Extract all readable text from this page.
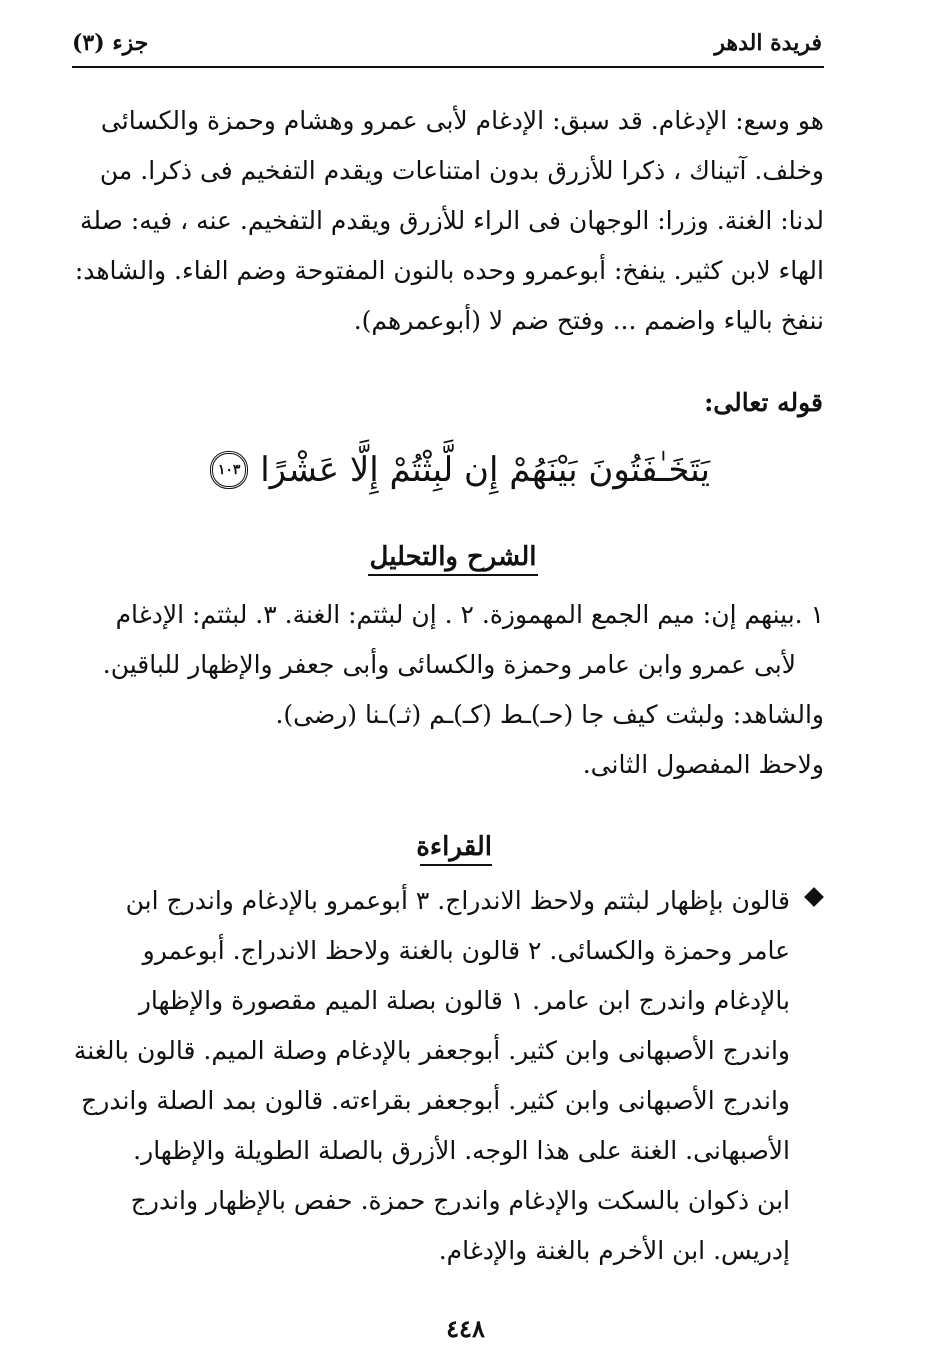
فريدة الدهر
جزء (٣)
هو وسع: الإدغام. قد سبق: الإدغام لأبى عمرو وهشام وحمزة والكسائى
وخلف. آتيناك ، ذكرا للأزرق بدون امتناعات ويقدم التفخيم فى ذكرا. من
لدنا: الغنة. وزرا: الوجهان فى الراء للأزرق ويقدم التفخيم. عنه ، فيه: صلة
الهاء لابن كثير. ينفخ: أبوعمرو وحده بالنون المفتوحة وضم الفاء. والشاهد:
ننفخ بالياء واضمم ... وفتح ضم لا (أبوعمرهم).
قوله تعالى:
يَتَخَـٰفَتُونَ بَيْنَهُمْ إِن لَّبِثْتُمْ إِلَّا عَشْرًا
١٠٣
الشرح والتحليل
١ .بينهم إن: ميم الجمع المهموزة. ٢ . إن لبثتم: الغنة. ٣. لبثتم: الإدغام
لأبى عمرو وابن عامر وحمزة والكسائى وأبى جعفر والإظهار للباقين.
والشاهد: ولبثت كيف جا (حـ)ـط (كـ)ـم (ثـ)ـنا (رضى).
ولاحظ المفصول الثانى.
القراءة
قالون بإظهار لبثتم ولاحظ الاندراج. ٣ أبوعمرو بالإدغام واندرج ابن
عامر وحمزة والكسائى. ٢ قالون بالغنة ولاحظ الاندراج. أبوعمرو
بالإدغام واندرج ابن عامر. ١ قالون بصلة الميم مقصورة والإظهار
واندرج الأصبهانى وابن كثير. أبوجعفر بالإدغام وصلة الميم. قالون بالغنة
واندرج الأصبهانى وابن كثير. أبوجعفر بقراءته. قالون بمد الصلة واندرج
الأصبهانى. الغنة على هذا الوجه. الأزرق بالصلة الطويلة والإظهار.
ابن ذكوان بالسكت والإدغام واندرج حمزة. حفص بالإظهار واندرج
إدريس. ابن الأخرم بالغنة والإدغام.
٤٤٨
